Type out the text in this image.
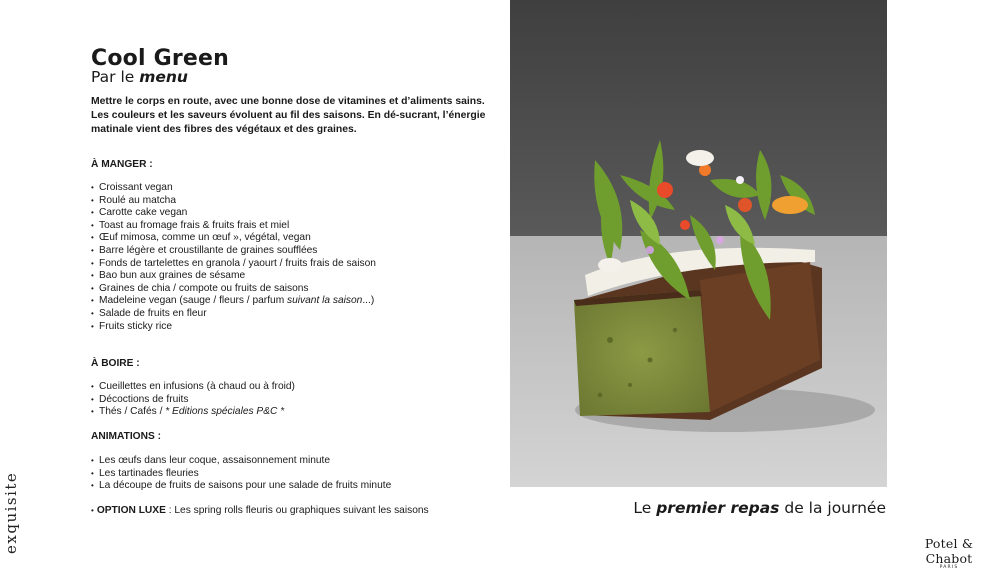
Cool Green

Par le menu

Mettre le corps en route, avec une bonne dose de vitamines et d’aliments sains. Les couleurs et les saveurs évoluent au fil des saisons. En dé-sucrant, l’énergie matinale vient des fibres des végétaux et des graines.

À MANGER :
• Croissant vegan
• Roulé au matcha
• Carotte cake vegan
• Toast au fromage frais & fruits frais et miel
• Œuf mimosa, comme un œuf », végétal, vegan
• Barre légère et croustillante de graines soufflées
• Fonds de tartelettes en granola / yaourt / fruits frais de saison
• Bao bun aux graines de sésame
• Graines de chia / compote ou fruits de saisons
• Madeleine vegan (sauge / fleurs / parfum suivant la saison...)
• Salade de fruits en fleur
• Fruits sticky rice
À BOIRE :
• Cueillettes en infusions (à chaud ou à froid)
• Décoctions de fruits
• Thés / Cafés / * Editions spéciales P&C *
ANIMATIONS :
• Les œufs dans leur coque, assaisonnement minute
• Les tartinades fleuries
• La découpe de fruits de saisons pour une salade de fruits minute

• OPTION LUXE : Les spring rolls fleuris ou graphiques suivant les saisons

exquisite	Le premier repas de la journée

Potel & Chabot
PARIS
